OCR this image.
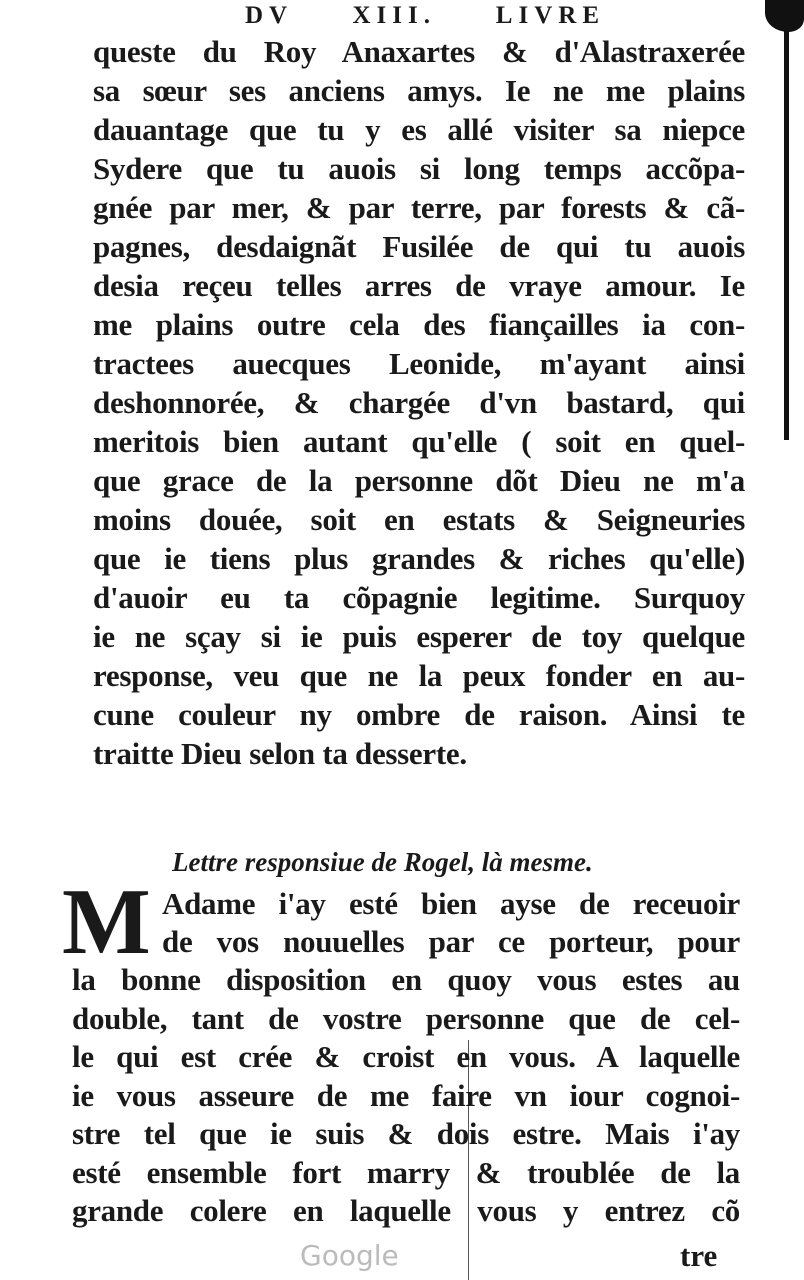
DV XIII. LIVRE
queste du Roy Anaxartes & d'Alastraxerée
sa sœur ses anciens amys. Ie ne me plains
dauantage que tu y es allé visiter sa niepce
Sydere que tu auois si long temps accõpa-
gnée par mer, & par terre, par forests & cã-
pagnes, desdaignãt Fusilée de qui tu auois
desia reçeu telles arres de vraye amour. Ie
me plains outre cela des fiançailles ia con-
tractees auecques Leonide, m'ayant ainsi
deshonnorée, & chargée d'vn bastard, qui
meritois bien autant qu'elle ( soit en quel-
que grace de la personne dõt Dieu ne m'a
moins douée, soit en estats & Seigneuries
que ie tiens plus grandes & riches qu'elle)
d'auoir eu ta cõpagnie legitime. Surquoy
ie ne sçay si ie puis esperer de toy quelque
response, veu que ne la peux fonder en au-
cune couleur ny ombre de raison. Ainsi te
traitte Dieu selon ta desserte.
Lettre responsiue de Rogel, là mesme.
M Adame i'ay esté bien ayse de receuoir
de vos nouuelles par ce porteur, pour
la bonne disposition en quoy vous estes au
double, tant de vostre personne que de cel-
le qui est crée & croist en vous. A laquelle
ie vous asseure de me faire vn iour cognoi-
stre tel que ie suis & dois estre. Mais i'ay
esté ensemble fort marry & troublée de la
grande colere en laquelle vous y entrez cõ
Google	tre
